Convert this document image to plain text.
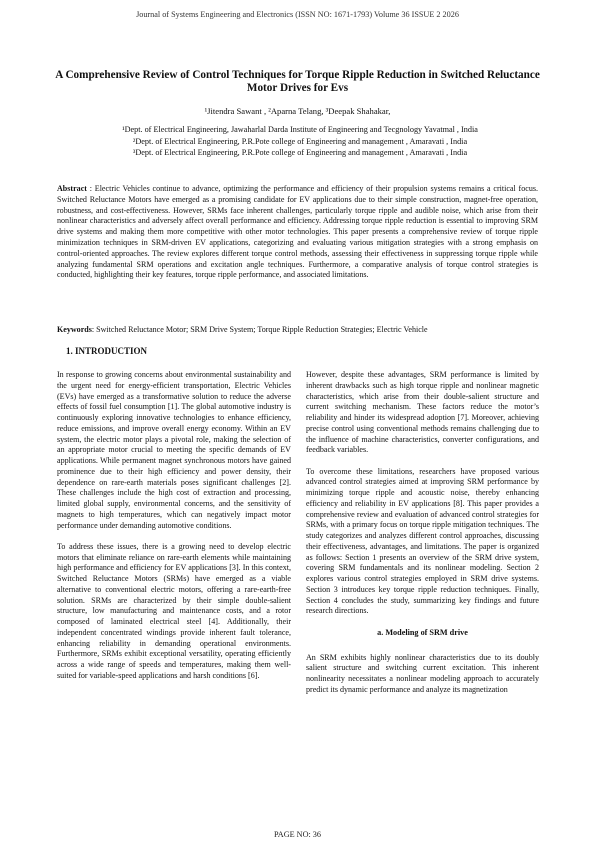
Journal of Systems Engineering and Electronics (ISSN NO: 1671-1793) Volume 36 ISSUE 2 2026
A Comprehensive Review of Control Techniques for Torque Ripple Reduction in Switched Reluctance Motor Drives for Evs
¹Jitendra Sawant , ²Aparna Telang, ³Deepak Shahakar,
¹Dept. of Electrical Engineering, Jawaharlal Darda Institute of Engineering and Tecgnology Yavatmal , India
²Dept. of Electrical Engineering, P.R.Pote college of Engineering and management , Amaravati , India
³Dept. of Electrical Engineering, P.R.Pote college of Engineering and management , Amaravati , India
Abstract : Electric Vehicles continue to advance, optimizing the performance and efficiency of their propulsion systems remains a critical focus. Switched Reluctance Motors have emerged as a promising candidate for EV applications due to their simple construction, magnet-free operation, robustness, and cost-effectiveness. However, SRMs face inherent challenges, particularly torque ripple and audible noise, which arise from their nonlinear characteristics and adversely affect overall performance and efficiency. Addressing torque ripple reduction is essential to improving SRM drive systems and making them more competitive with other motor technologies. This paper presents a comprehensive review of torque ripple minimization techniques in SRM-driven EV applications, categorizing and evaluating various mitigation strategies with a strong emphasis on control-oriented approaches. The review explores different torque control methods, assessing their effectiveness in suppressing torque ripple while analyzing fundamental SRM operations and excitation angle techniques. Furthermore, a comparative analysis of torque control strategies is conducted, highlighting their key features, torque ripple performance, and associated limitations.
Keywords: Switched Reluctance Motor; SRM Drive System; Torque Ripple Reduction Strategies; Electric Vehicle
1. INTRODUCTION

In response to growing concerns about environmental sustainability and the urgent need for energy-efficient transportation, Electric Vehicles (EVs) have emerged as a transformative solution to reduce the adverse effects of fossil fuel consumption [1]. The global automotive industry is continuously exploring innovative technologies to enhance efficiency, reduce emissions, and improve overall energy economy. Within an EV system, the electric motor plays a pivotal role, making the selection of an appropriate motor crucial to meeting the specific demands of EV applications. While permanent magnet synchronous motors have gained prominence due to their high efficiency and power density, their dependence on rare-earth materials poses significant challenges [2]. These challenges include the high cost of extraction and processing, limited global supply, environmental concerns, and the sensitivity of magnets to high temperatures, which can negatively impact motor performance under demanding automotive conditions.

To address these issues, there is a growing need to develop electric motors that eliminate reliance on rare-earth elements while maintaining high performance and efficiency for EV applications [3]. In this context, Switched Reluctance Motors (SRMs) have emerged as a viable alternative to conventional electric motors, offering a rare-earth-free solution. SRMs are characterized by their simple double-salient structure, low manufacturing and maintenance costs, and a rotor composed of laminated electrical steel [4]. Additionally, their independent concentrated windings provide inherent fault tolerance, enhancing reliability in demanding operational environments. Furthermore, SRMs exhibit exceptional versatility, operating efficiently across a wide range of speeds and temperatures, making them well-suited for variable-speed applications and harsh conditions [6].

However, despite these advantages, SRM performance is limited by inherent drawbacks such as high torque ripple and nonlinear magnetic characteristics, which arise from their double-salient structure and current switching mechanism. These factors reduce the motor’s reliability and hinder its widespread adoption [7]. Moreover, achieving precise control using conventional methods remains challenging due to the influence of machine characteristics, converter configurations, and feedback variables.

To overcome these limitations, researchers have proposed various advanced control strategies aimed at improving SRM performance by minimizing torque ripple and acoustic noise, thereby enhancing efficiency and reliability in EV applications [8]. This paper provides a comprehensive review and evaluation of advanced control strategies for SRMs, with a primary focus on torque ripple mitigation techniques. The study categorizes and analyzes different control approaches, discussing their effectiveness, advantages, and limitations. The paper is organized as follows: Section 1 presents an overview of the SRM drive system, covering SRM fundamentals and its nonlinear modeling. Section 2 explores various control strategies employed in SRM drive systems. Section 3 introduces key torque ripple reduction techniques. Finally, Section 4 concludes the study, summarizing key findings and future research directions.

a. Modeling of SRM drive

An SRM exhibits highly nonlinear characteristics due to its doubly salient structure and switching current excitation. This inherent nonlinearity necessitates a nonlinear modeling approach to accurately predict its dynamic performance and analyze its magnetization

PAGE NO: 36
